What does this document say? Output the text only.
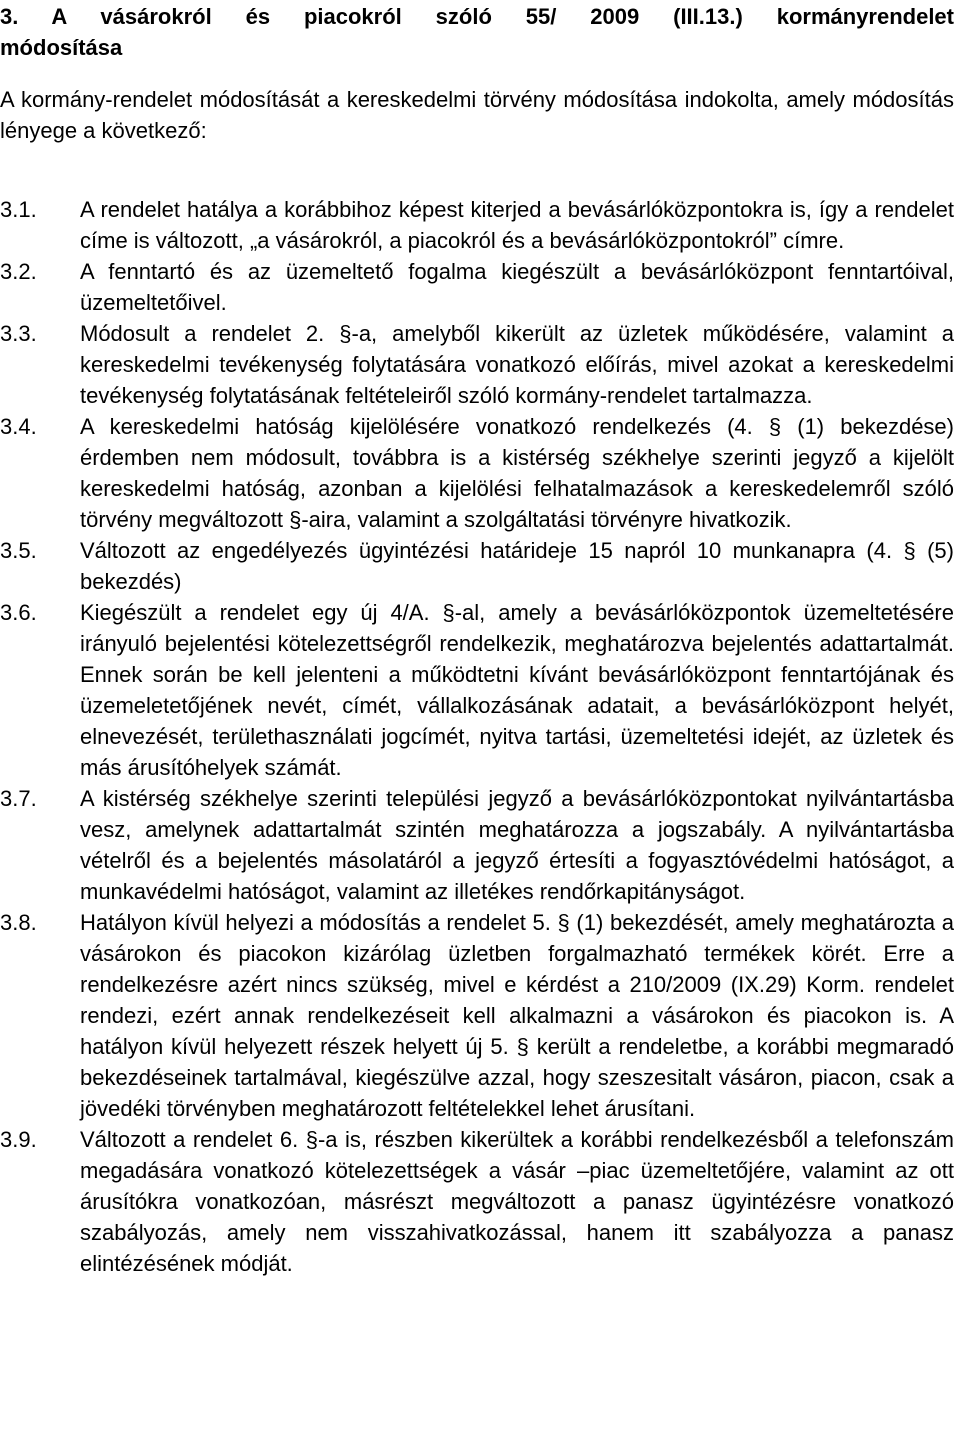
3. A vásárokról és piacokról szóló 55/ 2009 (III.13.) kormányrendelet
módosítása

A kormány-rendelet módosítását a kereskedelmi törvény módosítása indokolta, amely módosítás lényege a következő:

3.1.	A rendelet hatálya a korábbihoz képest kiterjed a bevásárlóközpontokra is, így a rendelet címe is változott, „a vásárokról, a piacokról és a bevásárlóközpontokról” címre.
3.2.	A fenntartó és az üzemeltető fogalma kiegészült a bevásárlóközpont fenntartóival, üzemeltetőivel.
3.3.	Módosult a rendelet 2. §-a, amelyből kikerült az üzletek működésére, valamint a kereskedelmi tevékenység folytatására vonatkozó előírás, mivel azokat a kereskedelmi tevékenység folytatásának feltételeiről szóló kormány-rendelet tartalmazza.
3.4.	A kereskedelmi hatóság kijelölésére vonatkozó rendelkezés (4. § (1) bekezdése) érdemben nem módosult, továbbra is a kistérség székhelye szerinti jegyző a kijelölt kereskedelmi hatóság, azonban a kijelölési felhatalmazások a kereskedelemről szóló törvény megváltozott §-aira, valamint a szolgáltatási törvényre hivatkozik.
3.5.	Változott az engedélyezés ügyintézési határideje 15 napról 10 munkanapra (4. § (5) bekezdés)
3.6.	Kiegészült a rendelet egy új 4/A. §-al, amely a bevásárlóközpontok üzemeltetésére irányuló bejelentési kötelezettségről rendelkezik, meghatározva bejelentés adattartalmát. Ennek során be kell jelenteni a működtetni kívánt bevásárlóközpont fenntartójának és üzemeletetőjének nevét, címét, vállalkozásának adatait, a bevásárlóközpont helyét, elnevezését, területhasználati jogcímét, nyitva tartási, üzemeltetési idejét, az üzletek és más árusítóhelyek számát.
3.7.	A kistérség székhelye szerinti települési jegyző a bevásárlóközpontokat nyilvántartásba vesz, amelynek adattartalmát szintén meghatározza a jogszabály. A nyilvántartásba vételről és a bejelentés másolatáról a jegyző értesíti a fogyasztóvédelmi hatóságot, a munkavédelmi hatóságot, valamint az illetékes rendőrkapitányságot.
3.8.	Hatályon kívül helyezi a módosítás a rendelet 5. § (1) bekezdését, amely meghatározta a vásárokon és piacokon kizárólag üzletben forgalmazható termékek körét. Erre a rendelkezésre azért nincs szükség, mivel e kérdést a 210/2009 (IX.29) Korm. rendelet rendezi, ezért annak rendelkezéseit kell alkalmazni a vásárokon és piacokon is. A hatályon kívül helyezett részek helyett új 5. § került a rendeletbe, a korábbi megmaradó bekezdéseinek tartalmával, kiegészülve azzal, hogy szeszesitalt vásáron, piacon, csak a jövedéki törvényben meghatározott feltételekkel lehet árusítani.
3.9.	Változott a rendelet 6. §-a is, részben kikerültek a korábbi rendelkezésből a telefonszám megadására vonatkozó kötelezettségek a vásár –piac üzemeltetőjére, valamint az ott árusítókra vonatkozóan, másrészt megváltozott a panasz ügyintézésre vonatkozó szabályozás, amely nem visszahivatkozással, hanem itt szabályozza a panasz elintézésének módját.
